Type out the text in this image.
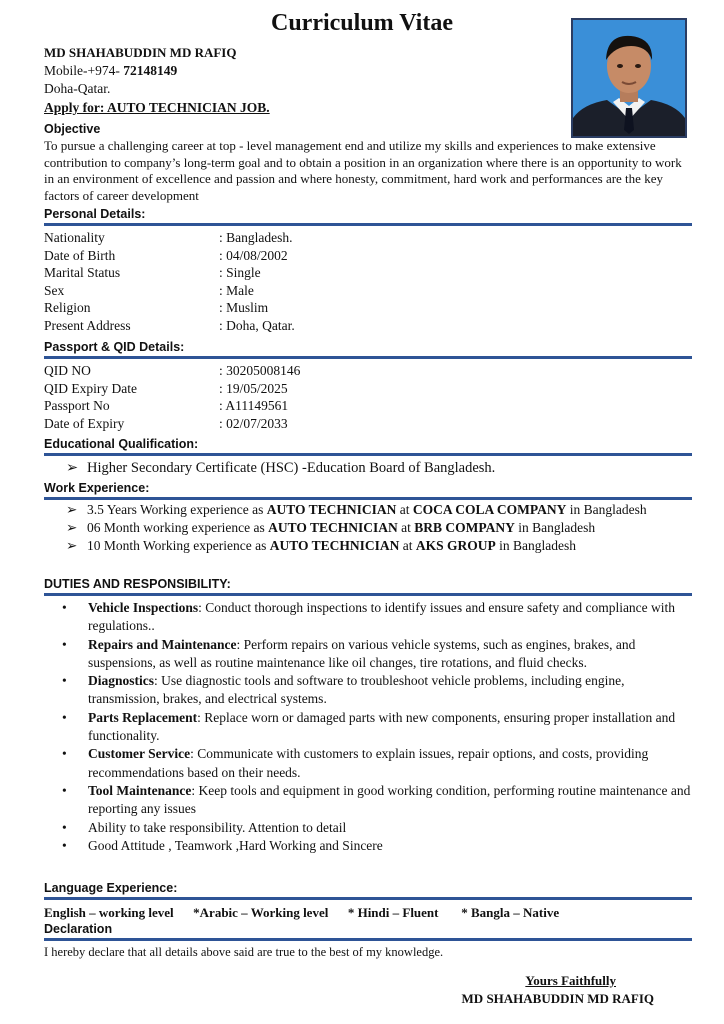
Curriculum Vitae
MD SHAHABUDDIN MD RAFIQ
Mobile-+974- 72148149
Doha-Qatar.
Apply for: AUTO TECHNICIAN JOB.
Objective
To pursue a challenging career at top - level management end and utilize my skills and experiences to make extensive contribution to company’s long-term goal and to obtain a position in an organization where there is an opportunity to work in an environment of excellence and passion and where honesty, commitment, hard work and performances are the key factors of career development
Personal Details:
Nationality	: Bangladesh.
Date of Birth	: 04/08/2002
Marital Status	: Single
Sex	: Male
Religion	: Muslim
Present Address	: Doha, Qatar.
Passport & QID Details:
QID NO	: 30205008146
QID Expiry Date	: 19/05/2025
Passport No	: A11149561
Date of Expiry	: 02/07/2033
Educational Qualification:
➢ Higher Secondary Certificate (HSC) -Education Board of Bangladesh.
Work Experience:
➢ 3.5 Years Working experience as AUTO TECHNICIAN at COCA COLA COMPANY in Bangladesh
➢ 06 Month working experience as AUTO TECHNICIAN at BRB COMPANY in Bangladesh
➢ 10 Month Working experience as AUTO TECHNICIAN at AKS GROUP in Bangladesh
DUTIES AND RESPONSIBILITY:
•	Vehicle Inspections: Conduct thorough inspections to identify issues and ensure safety and compliance with regulations..
•	Repairs and Maintenance: Perform repairs on various vehicle systems, such as engines, brakes, and suspensions, as well as routine maintenance like oil changes, tire rotations, and fluid checks.
•	Diagnostics: Use diagnostic tools and software to troubleshoot vehicle problems, including engine, transmission, brakes, and electrical systems.
•	Parts Replacement: Replace worn or damaged parts with new components, ensuring proper installation and functionality.
•	Customer Service: Communicate with customers to explain issues, repair options, and costs, providing recommendations based on their needs.
•	Tool Maintenance: Keep tools and equipment in good working condition, performing routine maintenance and reporting any issues
•	Ability to take responsibility. Attention to detail
•	Good Attitude , Teamwork ,Hard Working and Sincere
Language Experience:
English – working level      *Arabic – Working level      * Hindi – Fluent       * Bangla – Native
Declaration
I hereby declare that all details above said are true to the best of my knowledge.
Yours Faithfully
MD SHAHABUDDIN MD RAFIQ
